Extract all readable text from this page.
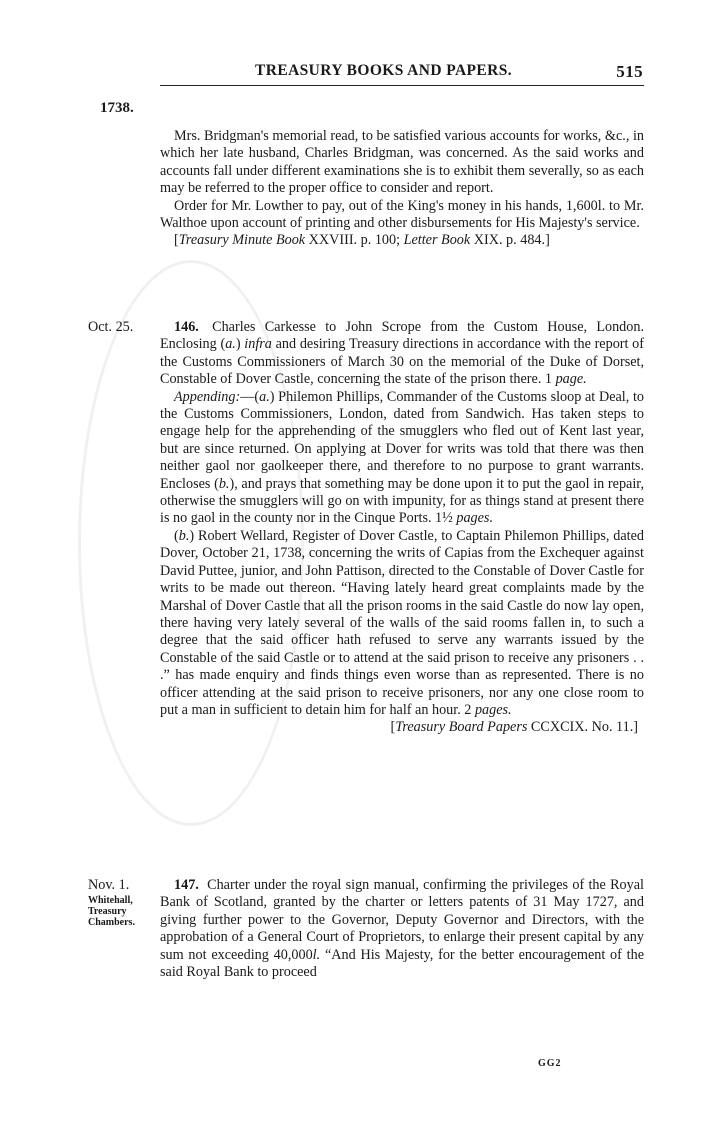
TREASURY BOOKS AND PAPERS.	515
1738.

Mrs. Bridgman's memorial read, to be satisfied various accounts for works, &c., in which her late husband, Charles Bridgman, was concerned. As the said works and accounts fall under different examinations she is to exhibit them severally, so as each may be referred to the proper office to consider and report.

Order for Mr. Lowther to pay, out of the King's money in his hands, 1,600l. to Mr. Walthoe upon account of printing and other disbursements for His Majesty's service.

[Treasury Minute Book XXVIII. p. 100; Letter Book XIX. p. 484.]

Oct. 25.	146. Charles Carkesse to John Scrope from the Custom House, London. Enclosing (a.) infra and desiring Treasury directions in accordance with the report of the Customs Commissioners of March 30 on the memorial of the Duke of Dorset, Constable of Dover Castle, concerning the state of the prison there. 1 page.

Appending:—(a.) Philemon Phillips, Commander of the Customs sloop at Deal, to the Customs Commissioners, London, dated from Sandwich. Has taken steps to engage help for the apprehending of the smugglers who fled out of Kent last year, but are since returned. On applying at Dover for writs was told that there was then neither gaol nor gaolkeeper there, and therefore to no purpose to grant warrants. Encloses (b.), and prays that something may be done upon it to put the gaol in repair, otherwise the smugglers will go on with impunity, for as things stand at present there is no gaol in the county nor in the Cinque Ports. 1½ pages.

(b.) Robert Wellard, Register of Dover Castle, to Captain Philemon Phillips, dated Dover, October 21, 1738, concerning the writs of Capias from the Exchequer against David Puttee, junior, and John Pattison, directed to the Constable of Dover Castle for writs to be made out thereon. “Having lately heard great complaints made by the Marshal of Dover Castle that all the prison rooms in the said Castle do now lay open, there having very lately several of the walls of the said rooms fallen in, to such a degree that the said officer hath refused to serve any warrants issued by the Constable of the said Castle or to attend at the said prison to receive any prisoners . . .” has made enquiry and finds things even worse than as represented. There is no officer attending at the said prison to receive prisoners, nor any one close room to put a man in sufficient to detain him for half an hour. 2 pages.

[Treasury Board Papers CCXCIX. No. 11.]

Nov. 1.
Whitehall,
Treasury
Chambers.

147. Charter under the royal sign manual, confirming the privileges of the Royal Bank of Scotland, granted by the charter or letters patents of 31 May 1727, and giving further power to the Governor, Deputy Governor and Directors, with the approbation of a General Court of Proprietors, to enlarge their present capital by any sum not exceeding 40,000l. “And His Majesty, for the better encouragement of the said Royal Bank to proceed

GG2
